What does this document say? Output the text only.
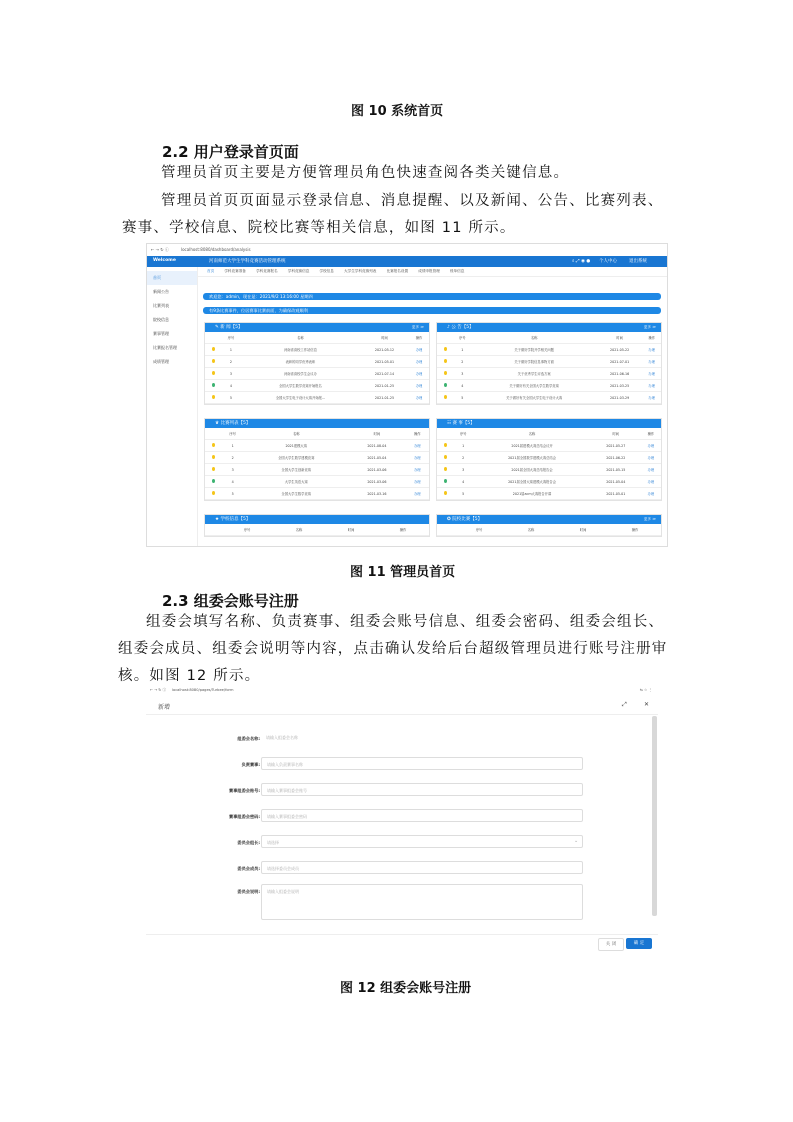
图 10 系统首页
2.2 用户登录首页面
管理员首页主要是方便管理员角色快速查阅各类关键信息。
管理员首页页面显示登录信息、消息提醒、以及新闻、公告、比赛列表、
赛事、学校信息、院校比赛等相关信息，如图 11 所示。
← → ↻ ⓘ	localhost:8080/dashboard/analysis
Welcome	河南师范大学生学科竞赛活动管理系统	⌕ ⤢ ◉ ● 个人中心	退出系统
首页
新闻公告
比赛列表
院校信息
赛事管理
比赛报名管理
成绩管理
首页	学科竞赛准备	学科竞赛报名	学科竞赛信息	学校信息	大学生学科竞赛列表	比赛报名设置	成绩申报管理	账单信息
欢迎您：admin，现在是：2021/9/2 13:16:00 星期四
有9条比赛事件，位居赛事比赛前面，为确保改观顺利
✎ 新 闻【5】	更多 ≫
	序号	名称	时间	操作
	1	河南省高校工作站信息	2021-05-12	办理
	2	表彰的同学优秀表彰	2021-05-01	办理
	3	河南省高校学生会议办	2021-07-14	办理
	4	全国大学生数学竞赛开始报名	2021-01-25	办理
	5	全国大学生电子设计大赛开始报...	2021-01-25	办理
♪ 公 告【5】	更多 ≫
	序号	名称	时间	操作
	1	关于做好学院开学相关问题	2021-05-22	办理
	2	关于做好学院信息事物方面	2021-07-01	办理
	3	关于优秀学生评选方案	2021-06-16	办理
	4	关于做好有关全国大学生数学竞赛	2021-03-25	办理
	5	关于做好有关全国大学生电子设计大赛	2021-03-29	办理
♛ 比赛列表【5】
	序号	名称	时间	操作
	1	2021建模大赛	2021-08-04	办理
	2	全国大学生数学建模竞赛	2021-05-04	办理
	3	全国大学生创新竞赛	2021-03-06	办理
	4	大学生英语大赛	2021-03-06	办理
	5	全国大学生数学竞赛	2021-03-16	办理
☷ 赛 事【5】
	序号	名称	时间	操作
	1	2021届建模大赛总结会议开	2021-05-27	办理
	2	2021届全国数学建模大赛总结会	2021-06-22	办理
	3	2021届全国大赛总结报告会	2021-05-15	办理
	4	2021届全国大赛建模大赛报告会	2021-05-04	办理
	5	2021届acm大赛报告开幕	2021-05-01	办理
★ 学校信息【5】
	序号	名称	时间	操作
✪ 院校比赛【5】	更多 ≫
	序号	名称	时间	操作
图 11 管理员首页
2.3 组委会账号注册
组委会填写名称、负责赛事、组委会账号信息、组委会密码、组委会组长、
组委会成员、组委会说明等内容，点击确认发给后台超级管理员进行账号注册审
核。如图 12 所示。
← → ↻ ⓘ localhost:8080/pages/Turbee/form	⇆ ☆ ⋮
新增	⤢	✕
组委会名称:	请输入组委会名称
负责赛事:	请输入负责赛事名称
赛事组委会账号:	请输入赛事组委会账号
赛事组委会密码:	请输入赛事组委会密码
委员会组长:	请选择	⌄
委员会成员:	请选择委员会成员
委员会说明:	请输入组委会说明
关 闭	确 定
图 12 组委会账号注册
